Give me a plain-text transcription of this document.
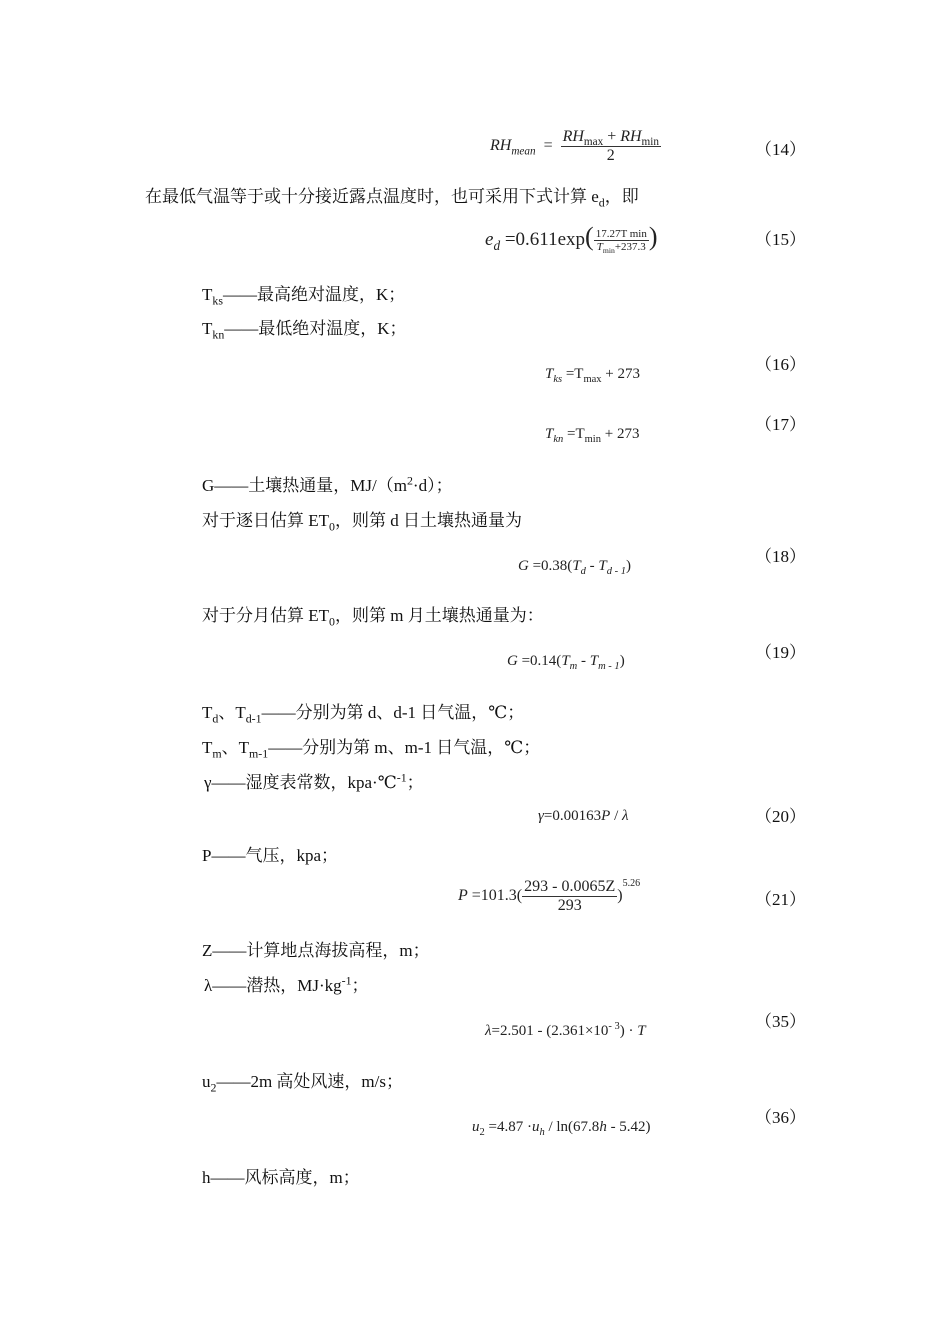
$RH_{mean} = \frac{RH_{max} + RH_{min}}{2}$	（14）
在最低气温等于或十分接近露点温度时，也可采用下式计算 $e_d$，即
$e_d =0.611\exp( \frac{\text{17.27T min}}{T_{min}+237.3}$ )	（15）
$T_{ks}——$最高绝对温度，K；
$T_{kn}——$最低绝对温度，K；
$T_{ks} =T_{max} + 273$	（16）
$T_{kn} =T_{min} + 273$	（17）
G——土壤热通量，$MJ/(m^2\cdot d)$；
对于逐日估算 $ET_0$，则第 d 日土壤热通量为
$G =0.38(T_d - T_{d - 1})$	（18）
对于分月估算 $ET_0$，则第 m 月土壤热通量为：
$G =0.14(T_m - T_{m - 1})$	（19）
$T_d$、$T_{d-1}——$分别为第 d、d-1 日气温，℃；
$T_m$、$T_{m-1}——$分别为第 m、m-1 日气温，℃；
γ——湿度表常数，kpa·℃$^{-1}$；
γ=0.00163P / λ	（20）
P——气压，kpa；
$P =101.3( \frac{293 - 0.0065Z}{293} )^{5.26}$
（21）
Z——计算地点海拔高程，m；
λ——潜热，$MJ\cdot kg^{-1}$；
$\lambda=2.501 - (2.361\times 10^{- 3}) \cdot T$	（35）
$u_2——2m$ 高处风速，m/s；
$u_2 =4.87 \cdot u_h / \ln(67.8h - 5.42)$	（36）
h——风标高度，m；
